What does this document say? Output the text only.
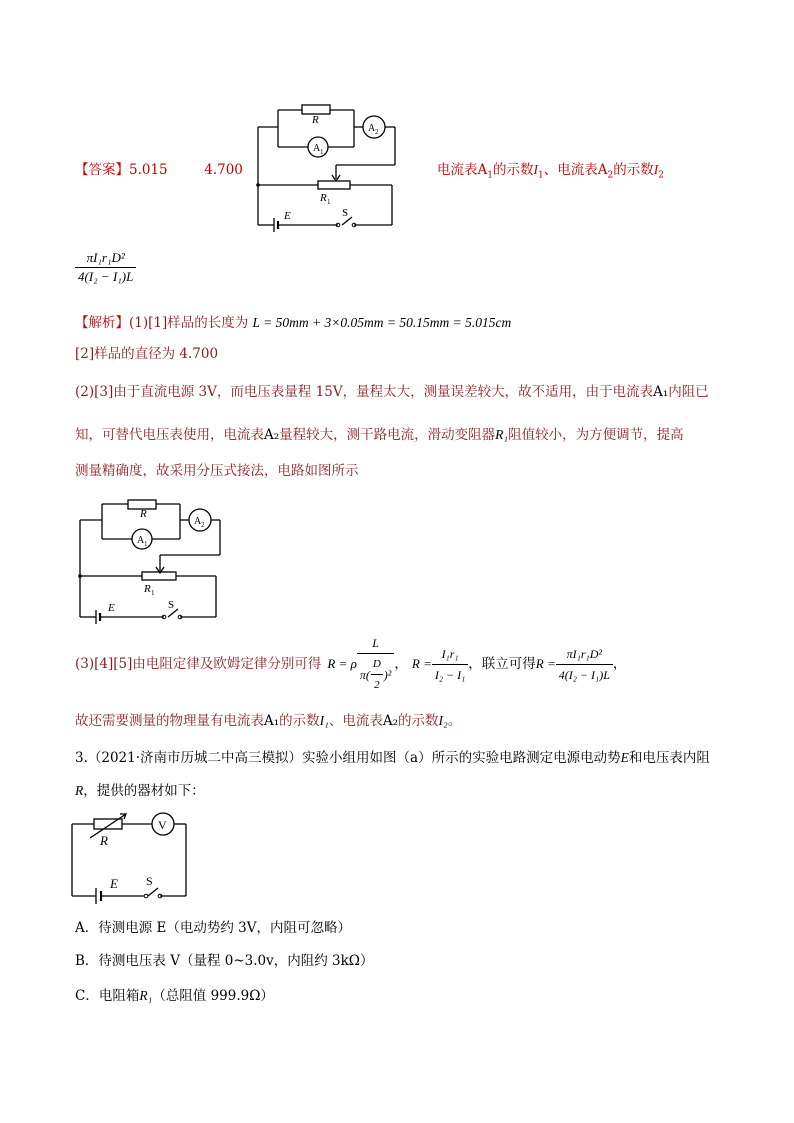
R
A 1
A 2
R 1
E	S
【答案】5.015	4.700	电流表$A_1$的示数$I_1$、电流表$A_2$的示数$I_2$
$\frac{\text{πI₁r₁D²}}{\text{4(I₂ − I₁)L}}$
【解析】(1)[1]样品的长度为 L = 50mm + 3×0.05mm = 50.15mm = 5.015cm
[2]样品的直径为 4.700
(2)[3]由于直流电源 3V，而电压表量程 15V，量程太大，测量误差较大，故不适用，由于电流表A₁内阻已
知，可替代电压表使用，电流表A₂量程较大，测干路电流，滑动变阻器R₁阻值较小，为方便调节，提高
测量精确度，故采用分压式接法，电路如图所示
R
A 1
A 2
R 1
E	S
(3)[4][5]由电阻定律及欧姆定律分别可得 R = ρ $\frac{L}{\pi( \frac{D}{2} )^2}$ ， $R = \frac{\text{I₁r₁}}{\text{I₂ − I₁}}$ ，联立可得 $R = \frac{\text{πI₁r₁D²}}{\text{4(I₂ − I₁)L}}$ ，
故还需要测量的物理量有电流表A₁的示数I₁、电流表A₂的示数I₂。
3.（2021·济南市历城二中高三模拟）实验小组用如图（a）所示的实验电路测定电源电动势E和电压表内阻
R，提供的器材如下：
R
V
E S
A．待测电源 E（电动势约 3V，内阻可忽略）
B．待测电压表 V（量程 0~3.0v，内阻约 3kΩ）
C．电阻箱R₁（总阻值 999.9Ω）
